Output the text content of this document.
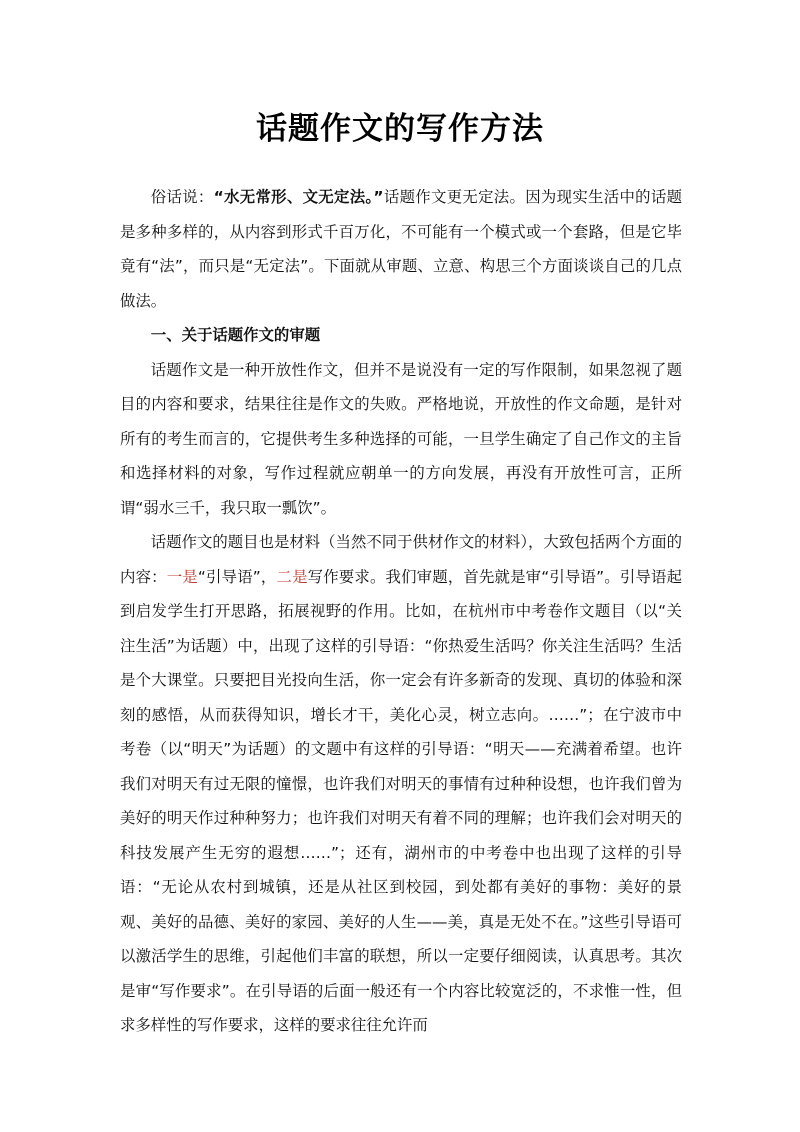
话题作文的写作方法

俗话说：“水无常形、文无定法。”话题作文更无定法。因为现实生活中的话题是多种多样的，从内容到形式千百万化，不可能有一个模式或一个套路，但是它毕竟有“法”，而只是“无定法”。下面就从审题、立意、构思三个方面谈谈自己的几点做法。

一、关于话题作文的审题

话题作文是一种开放性作文，但并不是说没有一定的写作限制，如果忽视了题目的内容和要求，结果往往是作文的失败。严格地说，开放性的作文命题，是针对所有的考生而言的，它提供考生多种选择的可能，一旦学生确定了自己作文的主旨和选择材料的对象，写作过程就应朝单一的方向发展，再没有开放性可言，正所谓“弱水三千，我只取一瓢饮”。

话题作文的题目也是材料（当然不同于供材作文的材料），大致包括两个方面的内容：一是“引导语”，二是写作要求。我们审题，首先就是审“引导语”。引导语起到启发学生打开思路，拓展视野的作用。比如，在杭州市中考卷作文题目（以“关注生活”为话题）中，出现了这样的引导语：“你热爱生活吗？你关注生活吗？生活是个大课堂。只要把目光投向生活，你一定会有许多新奇的发现、真切的体验和深刻的感悟，从而获得知识，增长才干，美化心灵，树立志向。……”；在宁波市中考卷（以“明天”为话题）的文题中有这样的引导语：“明天——充满着希望。也许我们对明天有过无限的憧憬，也许我们对明天的事情有过种种设想，也许我们曾为美好的明天作过种种努力；也许我们对明天有着不同的理解；也许我们会对明天的科技发展产生无穷的遐想……”；还有，湖州市的中考卷中也出现了这样的引导语：“无论从农村到城镇，还是从社区到校园，到处都有美好的事物：美好的景观、美好的品德、美好的家园、美好的人生——美，真是无处不在。”这些引导语可以激活学生的思维，引起他们丰富的联想，所以一定要仔细阅读，认真思考。其次是审“写作要求”。在引导语的后面一般还有一个内容比较宽泛的，不求惟一性，但求多样性的写作要求，这样的要求往往允许而
